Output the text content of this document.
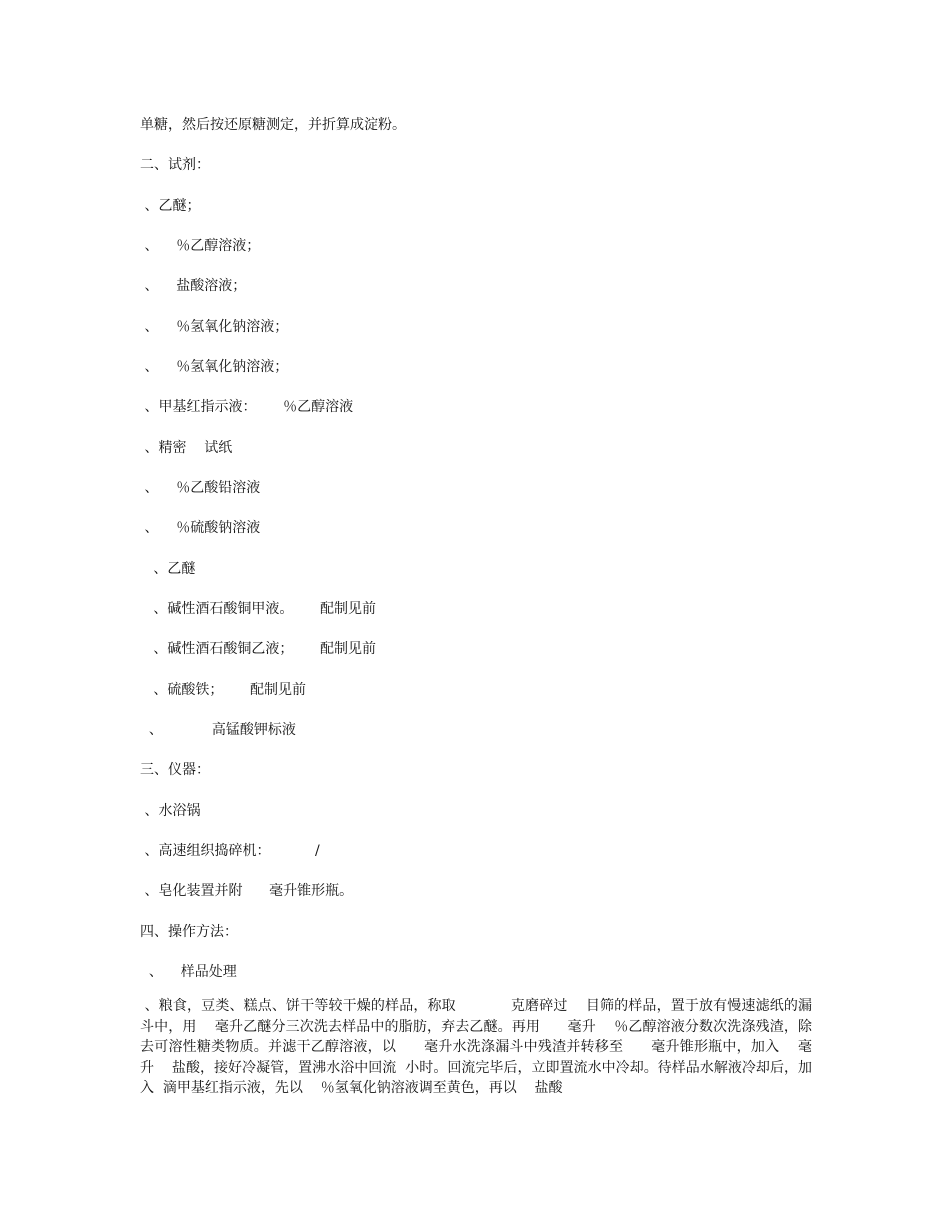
单糖，然后按还原糖测定，并折算成淀粉。
二、试剂：
、乙醚；
、    ％乙醇溶液；
、    盐酸溶液；
、    ％氢氧化钠溶液；
、    ％氢氧化钠溶液；
、甲基红指示液：      ％乙醇溶液
、精密    试纸
、    ％乙酸铅溶液
、    ％硫酸钠溶液
、乙醚
、碱性酒石酸铜甲液。      配制见前
、碱性酒石酸铜乙液；      配制见前
、硫酸铁；      配制见前
、           高锰酸钾标液
三、仪器：
、水浴锅
、高速组织捣碎机：          /
、皂化装置并附      毫升锥形瓶。
四、操作方法：
、    样品处理
、粮食，豆类、糕点、饼干等较干燥的样品，称取            克磨碎过    目筛的样品，置于放有慢速滤纸的漏斗中，用    毫升乙醚分三次洗去样品中的脂肪，弃去乙醚。再用      毫升    ％乙醇溶液分数次洗涤残渣，除去可溶性糖类物质。并滤干乙醇溶液，以      毫升水洗涤漏斗中残渣并转移至      毫升锥形瓶中，加入    毫升    盐酸，接好冷凝管，置沸水浴中回流  小时。回流完毕后，立即置流水中冷却。待样品水解液冷却后，加入  滴甲基红指示液，先以    ％氢氧化钠溶液调至黄色，再以    盐酸
